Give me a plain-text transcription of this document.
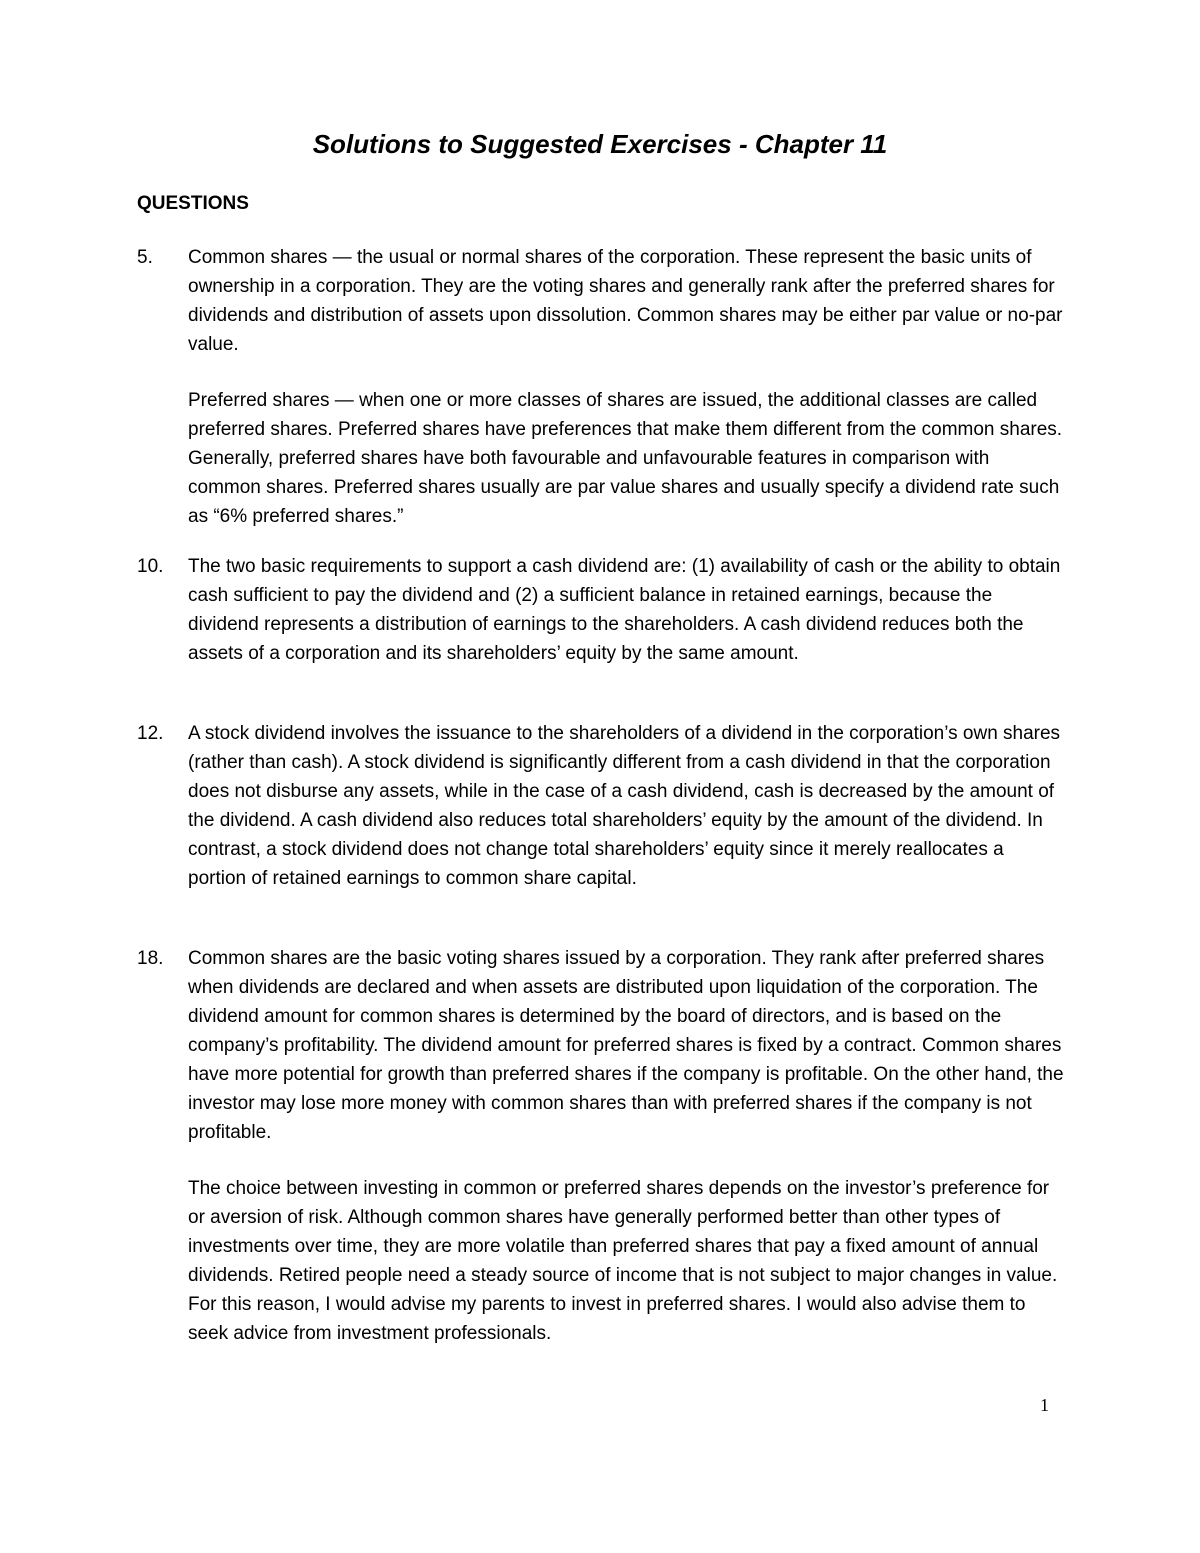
Solutions to Suggested Exercises - Chapter 11
QUESTIONS
5. Common shares — the usual or normal shares of the corporation. These represent the basic units of ownership in a corporation. They are the voting shares and generally rank after the preferred shares for dividends and distribution of assets upon dissolution. Common shares may be either par value or no-par value.

Preferred shares — when one or more classes of shares are issued, the additional classes are called preferred shares. Preferred shares have preferences that make them different from the common shares. Generally, preferred shares have both favourable and unfavourable features in comparison with common shares. Preferred shares usually are par value shares and usually specify a dividend rate such as “6% preferred shares.”

10. The two basic requirements to support a cash dividend are: (1) availability of cash or the ability to obtain cash sufficient to pay the dividend and (2) a sufficient balance in retained earnings, because the dividend represents a distribution of earnings to the shareholders. A cash dividend reduces both the assets of a corporation and its shareholders’ equity by the same amount.

12. A stock dividend involves the issuance to the shareholders of a dividend in the corporation’s own shares (rather than cash). A stock dividend is significantly different from a cash dividend in that the corporation does not disburse any assets, while in the case of a cash dividend, cash is decreased by the amount of the dividend. A cash dividend also reduces total shareholders’ equity by the amount of the dividend. In contrast, a stock dividend does not change total shareholders’ equity since it merely reallocates a portion of retained earnings to common share capital.

18. Common shares are the basic voting shares issued by a corporation. They rank after preferred shares when dividends are declared and when assets are distributed upon liquidation of the corporation. The dividend amount for common shares is determined by the board of directors, and is based on the company’s profitability. The dividend amount for preferred shares is fixed by a contract. Common shares have more potential for growth than preferred shares if the company is profitable. On the other hand, the investor may lose more money with common shares than with preferred shares if the company is not profitable.

The choice between investing in common or preferred shares depends on the investor’s preference for or aversion of risk. Although common shares have generally performed better than other types of investments over time, they are more volatile than preferred shares that pay a fixed amount of annual dividends. Retired people need a steady source of income that is not subject to major changes in value. For this reason, I would advise my parents to invest in preferred shares. I would also advise them to seek advice from investment professionals.

1
